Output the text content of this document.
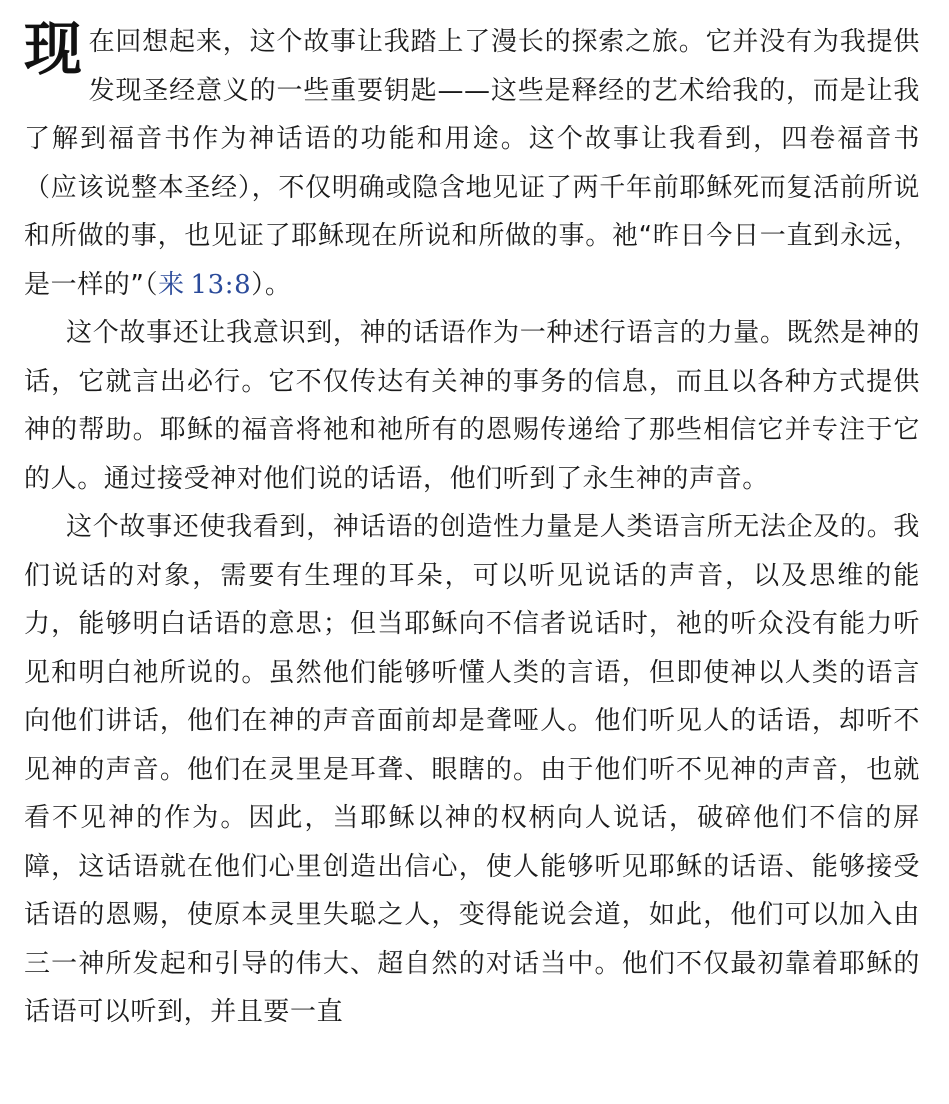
现在回想起来，这个故事让我踏上了漫长的探索之旅。它并没有为我提供发现圣经意义的一些重要钥匙——这些是释经的艺术给我的，而是让我了解到福音书作为神话语的功能和用途。这个故事让我看到，四卷福音书（应该说整本圣经），不仅明确或隐含地见证了两千年前耶稣死而复活前所说和所做的事，也见证了耶稣现在所说和所做的事。祂“昨日今日一直到永远，是一样的”（来  13:8）。

这个故事还让我意识到，神的话语作为一种述行语言的力量。既然是神的话，它就言出必行。它不仅传达有关神的事务的信息，而且以各种方式提供神的帮助。耶稣的福音将祂和祂所有的恩赐传递给了那些相信它并专注于它的人。通过接受神对他们说的话语，他们听到了永生神的声音。

这个故事还使我看到，神话语的创造性力量是人类语言所无法企及的。我们说话的对象，需要有生理的耳朵，可以听见说话的声音，以及思维的能力，能够明白话语的意思；但当耶稣向不信者说话时，祂的听众没有能力听见和明白祂所说的。虽然他们能够听懂人类的言语，但即使神以人类的语言向他们讲话，他们在神的声音面前却是聋哑人。他们听见人的话语，却听不见神的声音。他们在灵里是耳聋、眼瞎的。由于他们听不见神的声音，也就看不见神的作为。因此，当耶稣以神的权柄向人说话，破碎他们不信的屏障，这话语就在他们心里创造出信心，使人能够听见耶稣的话语、能够接受话语的恩赐，使原本灵里失聪之人，变得能说会道，如此，他们可以加入由三一神所发起和引导的伟大、超自然的对话当中。他们不仅最初靠着耶稣的话语可以听到，并且要一直
